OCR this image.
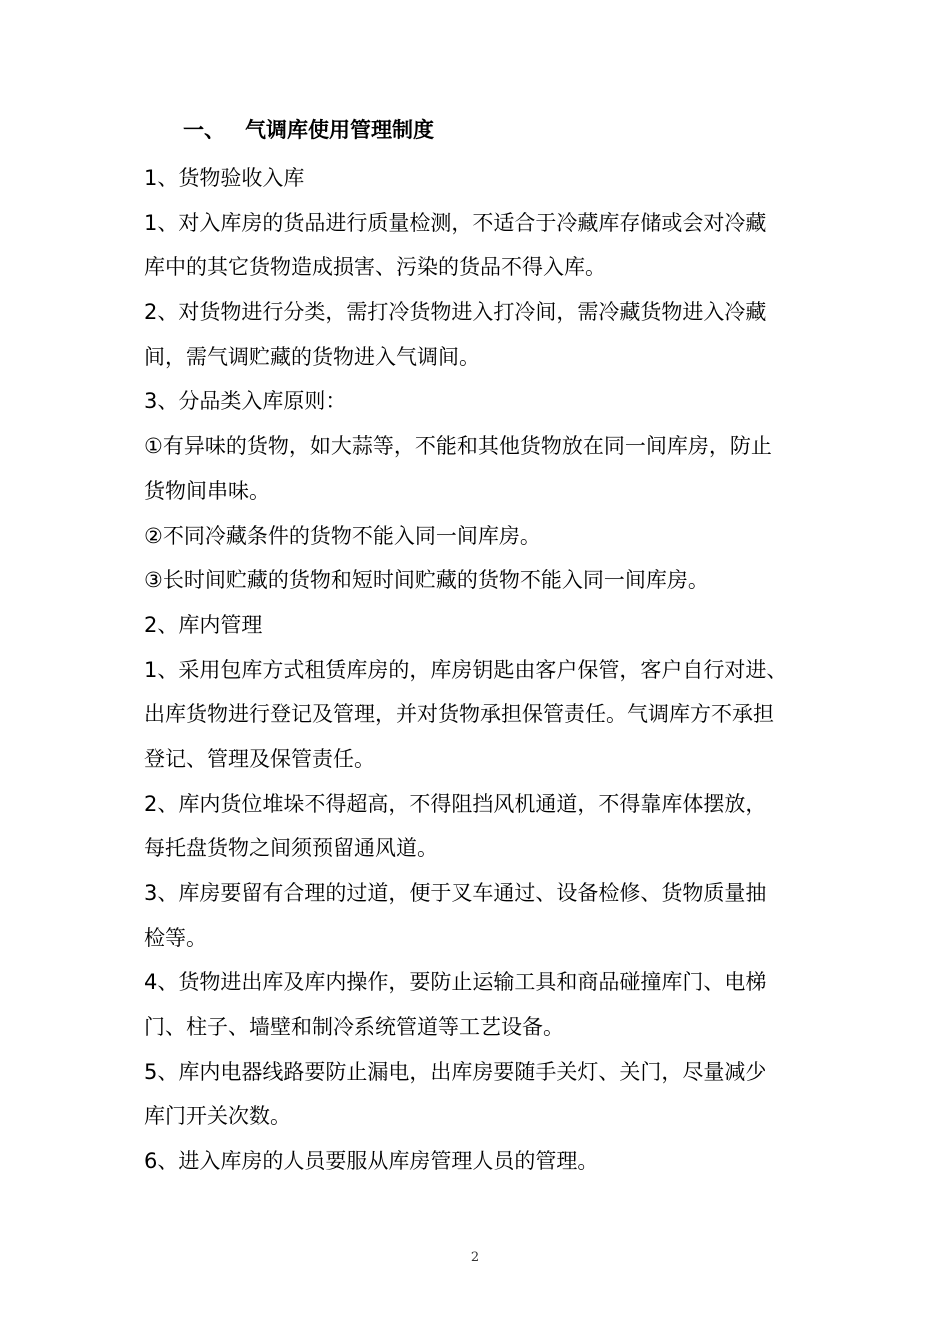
一、 气调库使用管理制度
1、货物验收入库
1、对入库房的货品进行质量检测，不适合于冷藏库存储或会对冷藏
库中的其它货物造成损害、污染的货品不得入库。
2、对货物进行分类，需打冷货物进入打冷间，需冷藏货物进入冷藏
间，需气调贮藏的货物进入气调间。
3、分品类入库原则：
①有异味的货物，如大蒜等，不能和其他货物放在同一间库房，防止
货物间串味。
②不同冷藏条件的货物不能入同一间库房。
③长时间贮藏的货物和短时间贮藏的货物不能入同一间库房。
2、库内管理
1、采用包库方式租赁库房的，库房钥匙由客户保管，客户自行对进、
出库货物进行登记及管理，并对货物承担保管责任。气调库方不承担
登记、管理及保管责任。
2、库内货位堆垛不得超高，不得阻挡风机通道，不得靠库体摆放，
每托盘货物之间须预留通风道。
3、库房要留有合理的过道，便于叉车通过、设备检修、货物质量抽
检等。
4、货物进出库及库内操作，要防止运输工具和商品碰撞库门、电梯
门、柱子、墙壁和制冷系统管道等工艺设备。
5、库内电器线路要防止漏电，出库房要随手关灯、关门，尽量减少
库门开关次数。
6、进入库房的人员要服从库房管理人员的管理。
2
